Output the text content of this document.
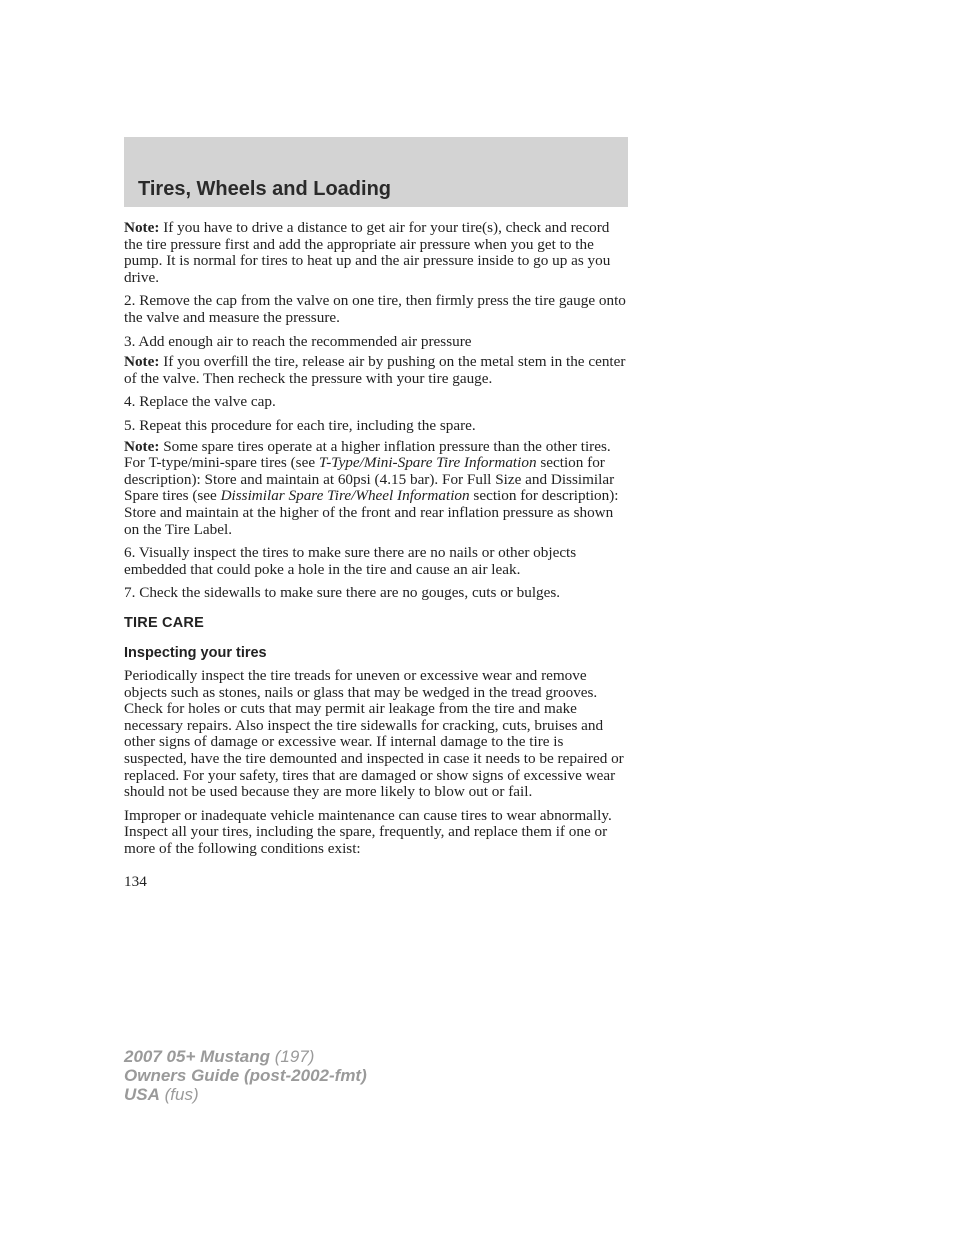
Tires, Wheels and Loading

Note: If you have to drive a distance to get air for your tire(s), check and record the tire pressure first and add the appropriate air pressure when you get to the pump. It is normal for tires to heat up and the air pressure inside to go up as you drive.

2. Remove the cap from the valve on one tire, then firmly press the tire gauge onto the valve and measure the pressure.

3. Add enough air to reach the recommended air pressure

Note: If you overfill the tire, release air by pushing on the metal stem in the center of the valve. Then recheck the pressure with your tire gauge.

4. Replace the valve cap.

5. Repeat this procedure for each tire, including the spare.

Note: Some spare tires operate at a higher inflation pressure than the other tires. For T-type/mini-spare tires (see T-Type/Mini-Spare Tire Information section for description): Store and maintain at 60psi (4.15 bar). For Full Size and Dissimilar Spare tires (see Dissimilar Spare Tire/Wheel Information section for description): Store and maintain at the higher of the front and rear inflation pressure as shown on the Tire Label.

6. Visually inspect the tires to make sure there are no nails or other objects embedded that could poke a hole in the tire and cause an air leak.

7. Check the sidewalls to make sure there are no gouges, cuts or bulges.

TIRE CARE
Inspecting your tires

Periodically inspect the tire treads for uneven or excessive wear and remove objects such as stones, nails or glass that may be wedged in the tread grooves. Check for holes or cuts that may permit air leakage from the tire and make necessary repairs. Also inspect the tire sidewalls for cracking, cuts, bruises and other signs of damage or excessive wear. If internal damage to the tire is suspected, have the tire demounted and inspected in case it needs to be repaired or replaced. For your safety, tires that are damaged or show signs of excessive wear should not be used because they are more likely to blow out or fail.

Improper or inadequate vehicle maintenance can cause tires to wear abnormally. Inspect all your tires, including the spare, frequently, and replace them if one or more of the following conditions exist:

134

2007 05+ Mustang (197)
Owners Guide (post-2002-fmt)
USA (fus)
